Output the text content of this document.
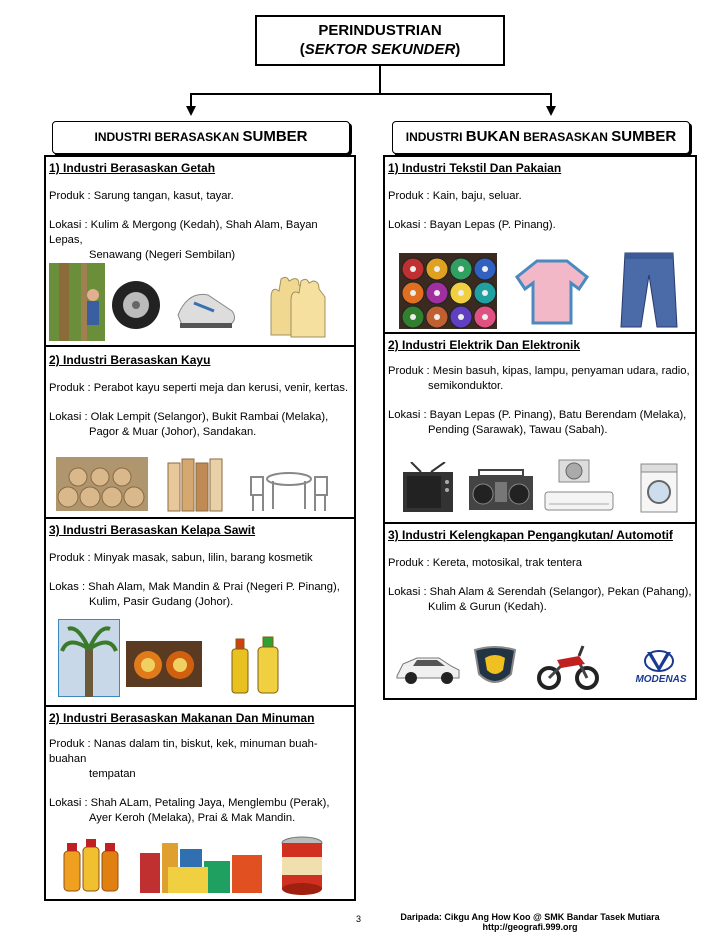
PERINDUSTRIAN
(SEKTOR SEKUNDER)
INDUSTRI BERASASKAN SUMBER	INDUSTRI BUKAN BERASASKAN SUMBER
1) Industri Berasaskan Getah

Produk : Sarung tangan, kasut, tayar.

Lokasi : Kulim & Mergong (Kedah), Shah Alam, Bayan Lepas,

Senawang (Negeri Sembilan)

2) Industri Berasaskan Kayu

Produk : Perabot kayu seperti meja dan kerusi, venir, kertas.

Lokasi : Olak Lempit (Selangor), Bukit Rambai (Melaka),

Pagor & Muar (Johor), Sandakan.

3) Industri Berasaskan Kelapa Sawit

Produk : Minyak masak, sabun, lilin, barang kosmetik

Lokas : Shah Alam, Mak Mandin & Prai (Negeri P. Pinang),

Kulim, Pasir Gudang (Johor).

2) Industri Berasaskan Makanan Dan Minuman

Produk : Nanas dalam tin, biskut, kek, minuman buah-buahan

tempatan

Lokasi : Shah ALam, Petaling Jaya, Menglembu (Perak),

Ayer Keroh (Melaka), Prai & Mak Mandin.

1) Industri Tekstil Dan Pakaian

Produk : Kain, baju, seluar.

Lokasi : Bayan Lepas (P. Pinang).

2) Industri Elektrik Dan Elektronik

Produk : Mesin basuh, kipas, lampu, penyaman udara, radio,

semikonduktor.

Lokasi : Bayan Lepas (P. Pinang), Batu Berendam (Melaka),

Pending (Sarawak), Tawau (Sabah).

3) Industri Kelengkapan Pengangkutan/ Automotif

Produk : Kereta, motosikal, trak tentera

Lokasi : Shah Alam & Serendah (Selangor), Pekan (Pahang),

Kulim & Gurun (Kedah).

MODENAS
3	Daripada: Cikgu Ang How Koo @ SMK Bandar Tasek Mutiara
http://geografi.999.org
